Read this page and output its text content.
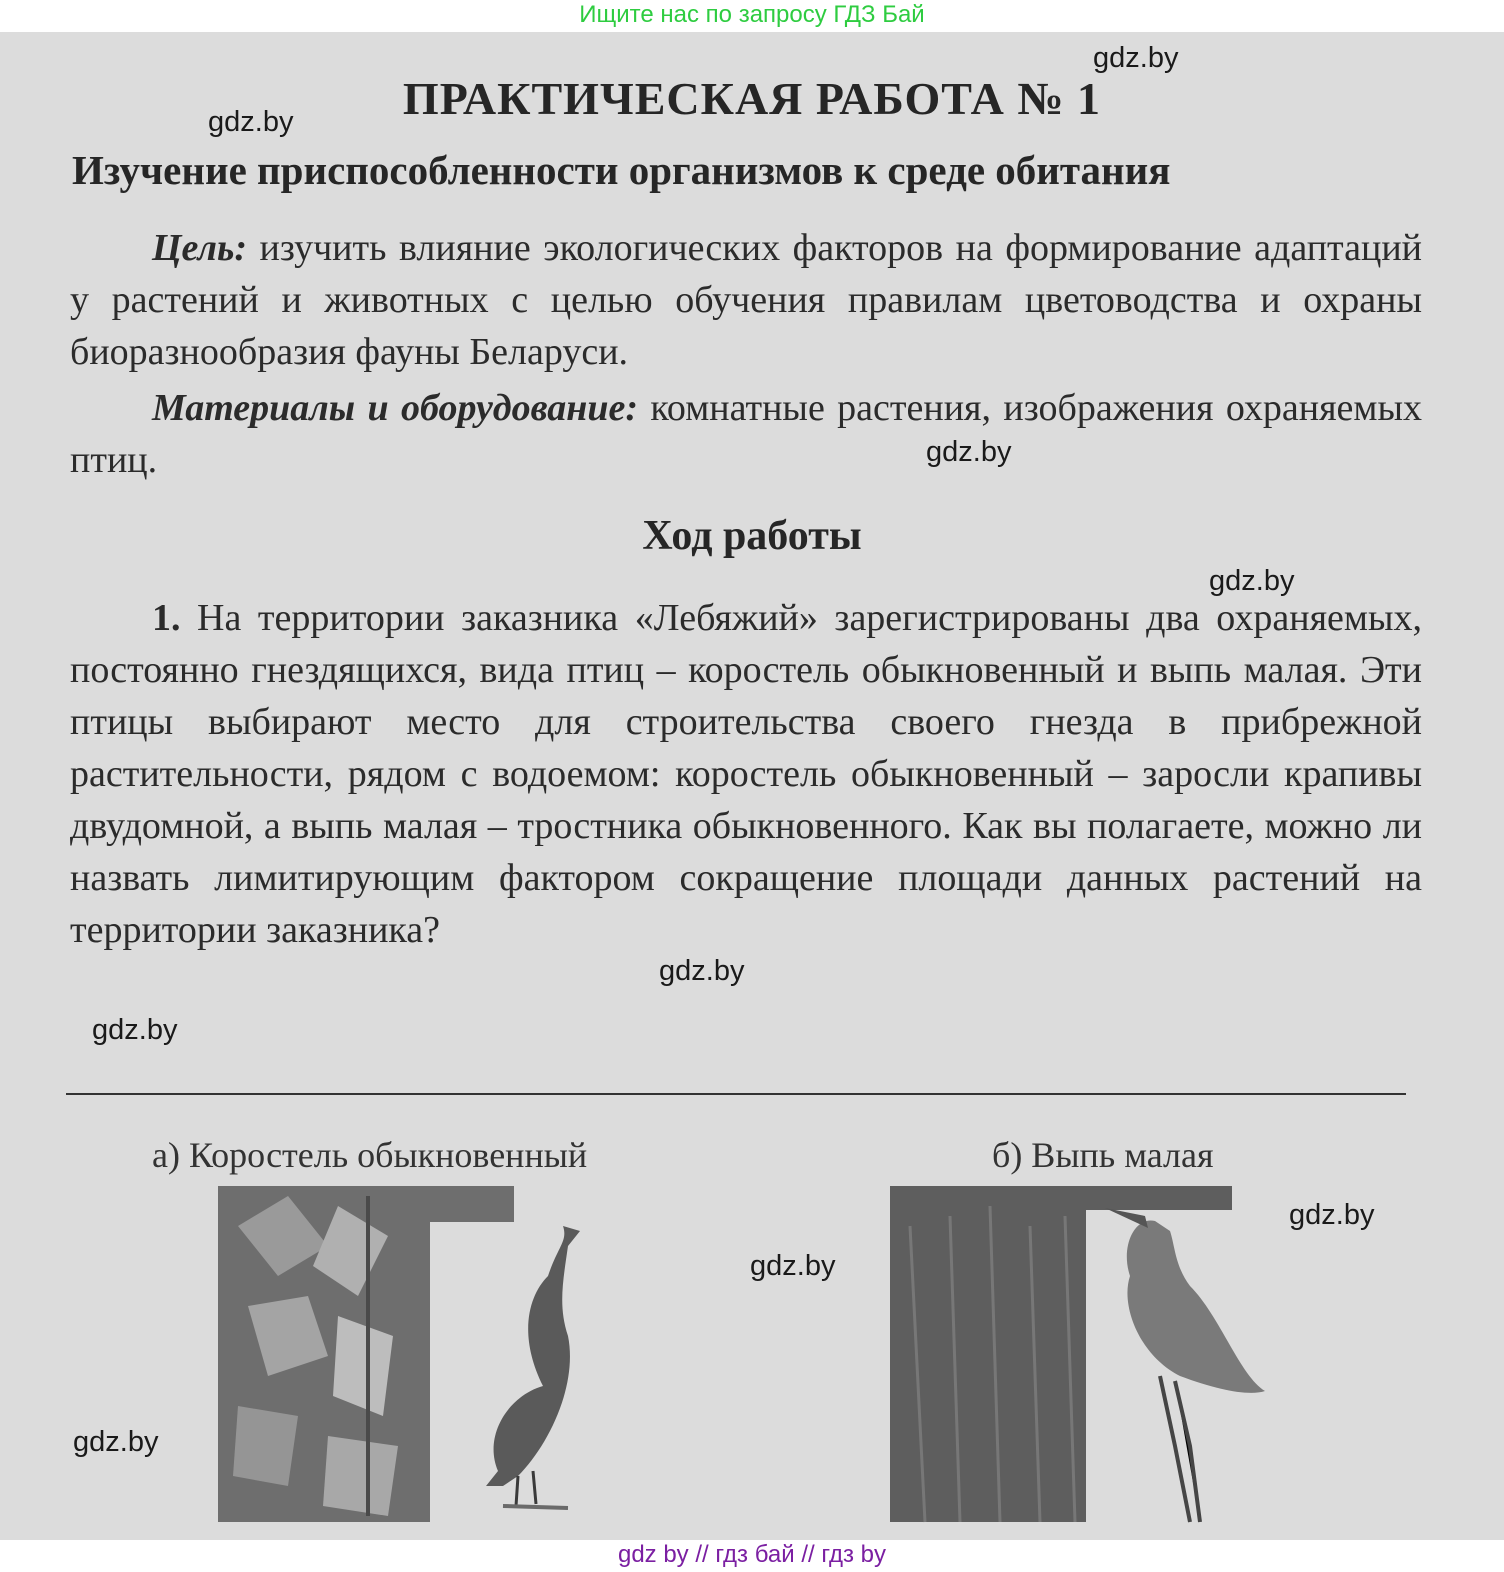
Ищите нас по запросу ГДЗ Бай
ПРАКТИЧЕСКАЯ РАБОТА № 1
Изучение приспособленности организмов к среде обитания
Цель: изучить влияние экологических факторов на формирование адаптаций у растений и животных с целью обучения правилам цветоводства и охраны биоразнообразия фауны Беларуси.
Материалы и оборудование: комнатные растения, изображения охраняемых птиц.
Ход работы
1. На территории заказника «Лебяжий» зарегистрированы два охраняемых, постоянно гнездящихся, вида птиц – коростель обыкновенный и выпь малая. Эти птицы выбирают место для строительства своего гнезда в прибрежной растительности, рядом с водоемом: коростель обыкновенный – заросли крапивы двудомной, а выпь малая – тростника обыкновенного. Как вы полагаете, можно ли назвать лимитирующим фактором сокращение площади данных растений на территории заказника?
а) Коростель обыкновенный	б) Выпь малая
gdz.by
gdz.by
gdz.by
gdz.by
gdz.by
gdz.by
gdz.by
gdz.by
gdz.by
gdz by // гдз бай // гдз by
